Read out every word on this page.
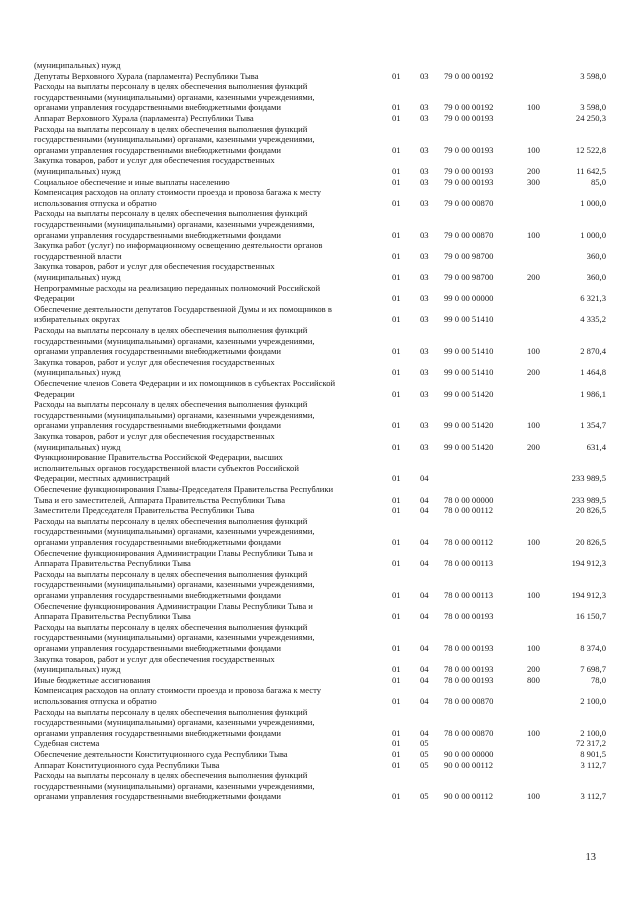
(муниципальных) нужд
Депутаты Верховного Хурала (парламента) Республики Тыва	01 03 79 0 00 00192	3 598,0
Расходы на выплаты персоналу в целях обеспечения выполнения функций
государственными (муниципальными) органами, казенными учреждениями,
органами управления государственными внебюджетными фондами	01 03 79 0 00 00192	100	3 598,0
Аппарат Верховного Хурала (парламента) Республики Тыва	01 03 79 0 00 00193	24 250,3
Расходы на выплаты персоналу в целях обеспечения выполнения функций
государственными (муниципальными) органами, казенными учреждениями,
органами управления государственными внебюджетными фондами	01 03 79 0 00 00193	100	12 522,8
Закупка товаров, работ и услуг для обеспечения государственных
(муниципальных) нужд	01 03 79 0 00 00193	200	11 642,5
Социальное обеспечение и иные выплаты населению	01 03 79 0 00 00193	300	85,0
Компенсация расходов на оплату стоимости проезда и провоза багажа к месту
использования отпуска и обратно	01 03 79 0 00 00870	1 000,0
Расходы на выплаты персоналу в целях обеспечения выполнения функций
государственными (муниципальными) органами, казенными учреждениями,
органами управления государственными внебюджетными фондами	01 03 79 0 00 00870	100	1 000,0
Закупка работ (услуг) по информационному освещению деятельности органов
государственной власти	01 03 79 0 00 98700	360,0
Закупка товаров, работ и услуг для обеспечения государственных
(муниципальных) нужд	01 03 79 0 00 98700	200	360,0
Непрограммные расходы на реализацию переданных полномочий Российской
Федерации	01 03 99 0 00 00000	6 321,3
Обеспечение деятельности депутатов Государственной Думы и их помощников в
избирательных округах	01 03 99 0 00 51410	4 335,2
Расходы на выплаты персоналу в целях обеспечения выполнения функций
государственными (муниципальными) органами, казенными учреждениями,
органами управления государственными внебюджетными фондами	01 03 99 0 00 51410	100	2 870,4
Закупка товаров, работ и услуг для обеспечения государственных
(муниципальных) нужд	01 03 99 0 00 51410	200	1 464,8
Обеспечение членов Совета Федерации и их помощников в субъектах Российской
Федерации	01 03 99 0 00 51420	1 986,1
Расходы на выплаты персоналу в целях обеспечения выполнения функций
государственными (муниципальными) органами, казенными учреждениями,
органами управления государственными внебюджетными фондами	01 03 99 0 00 51420	100	1 354,7
Закупка товаров, работ и услуг для обеспечения государственных
(муниципальных) нужд	01 03 99 0 00 51420	200	631,4
Функционирование Правительства Российской Федерации, высших
исполнительных органов государственной власти субъектов Российской
Федерации, местных администраций	01 04	233 989,5
Обеспечение функционирования Главы-Председателя Правительства Республики
Тыва и его заместителей, Аппарата Правительства Республики Тыва	01 04 78 0 00 00000	233 989,5
Заместители Председателя Правительства Республики Тыва	01 04 78 0 00 00112	20 826,5
Расходы на выплаты персоналу в целях обеспечения выполнения функций
государственными (муниципальными) органами, казенными учреждениями,
органами управления государственными внебюджетными фондами	01 04 78 0 00 00112	100	20 826,5
Обеспечение функционирования Администрации Главы Республики Тыва и
Аппарата Правительства Республики Тыва	01 04 78 0 00 00113	194 912,3
Расходы на выплаты персоналу в целях обеспечения выполнения функций
государственными (муниципальными) органами, казенными учреждениями,
органами управления государственными внебюджетными фондами	01 04 78 0 00 00113	100	194 912,3
Обеспечение функционирования Администрации Главы Республики Тыва и
Аппарата Правительства Республики Тыва	01 04 78 0 00 00193	16 150,7
Расходы на выплаты персоналу в целях обеспечения выполнения функций
государственными (муниципальными) органами, казенными учреждениями,
органами управления государственными внебюджетными фондами	01 04 78 0 00 00193	100	8 374,0
Закупка товаров, работ и услуг для обеспечения государственных
(муниципальных) нужд	01 04 78 0 00 00193	200	7 698,7
Иные бюджетные ассигнования	01 04 78 0 00 00193	800	78,0
Компенсация расходов на оплату стоимости проезда и провоза багажа к месту
использования отпуска и обратно	01 04 78 0 00 00870	2 100,0
Расходы на выплаты персоналу в целях обеспечения выполнения функций
государственными (муниципальными) органами, казенными учреждениями,
органами управления государственными внебюджетными фондами	01 04 78 0 00 00870	100	2 100,0
Судебная система	01 05	72 317,2
Обеспечение деятельности Конституционного суда Республики Тыва	01 05 90 0 00 00000	8 901,5
Аппарат Конституционного суда Республики Тыва	01 05 90 0 00 00112	3 112,7
Расходы на выплаты персоналу в целях обеспечения выполнения функций
государственными (муниципальными) органами, казенными учреждениями,
органами управления государственными внебюджетными фондами	01 05 90 0 00 00112	100	3 112,7
13
